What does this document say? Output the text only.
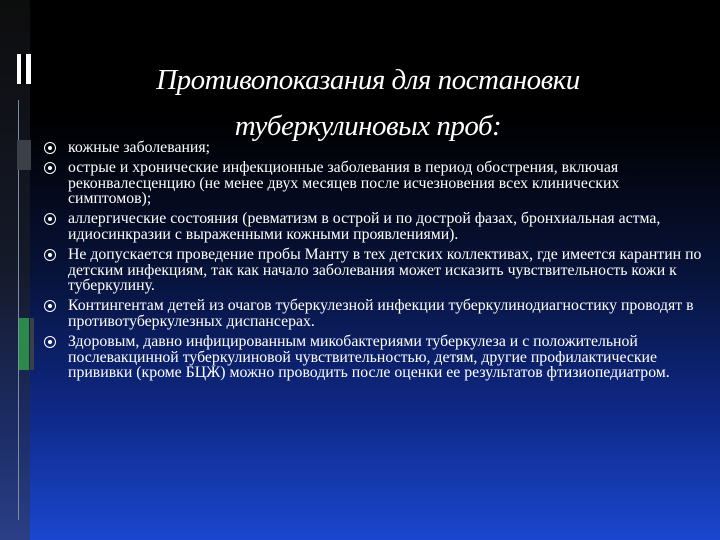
Противопоказания для постановки
туберкулиновых проб:
кожные заболевания;
острые и хронические инфекционные заболевания в период обострения, включая реконвалесценцию (не менее двух месяцев после исчезновения всех клинических симптомов);
аллергические состояния (ревматизм в острой и по дострой фазах, бронхиальная астма, идиосинкразии с выраженными кожными проявлениями).
Не допускается проведение пробы Манту в тех детских коллективах, где имеется карантин по детским инфекциям, так как начало заболевания может исказить чувствительность кожи к туберкулину.
Контингентам детей из очагов туберкулезной инфекции туберкулинодиагностику проводят в противотуберкулезных диспансерах.
Здоровым, давно инфицированным микобактериями туберкулеза и с положительной послевакцинной туберкулиновой чувствительностью, детям, другие профилактические прививки (кроме БЦЖ) можно проводить после оценки ее результатов фтизиопедиатром.
